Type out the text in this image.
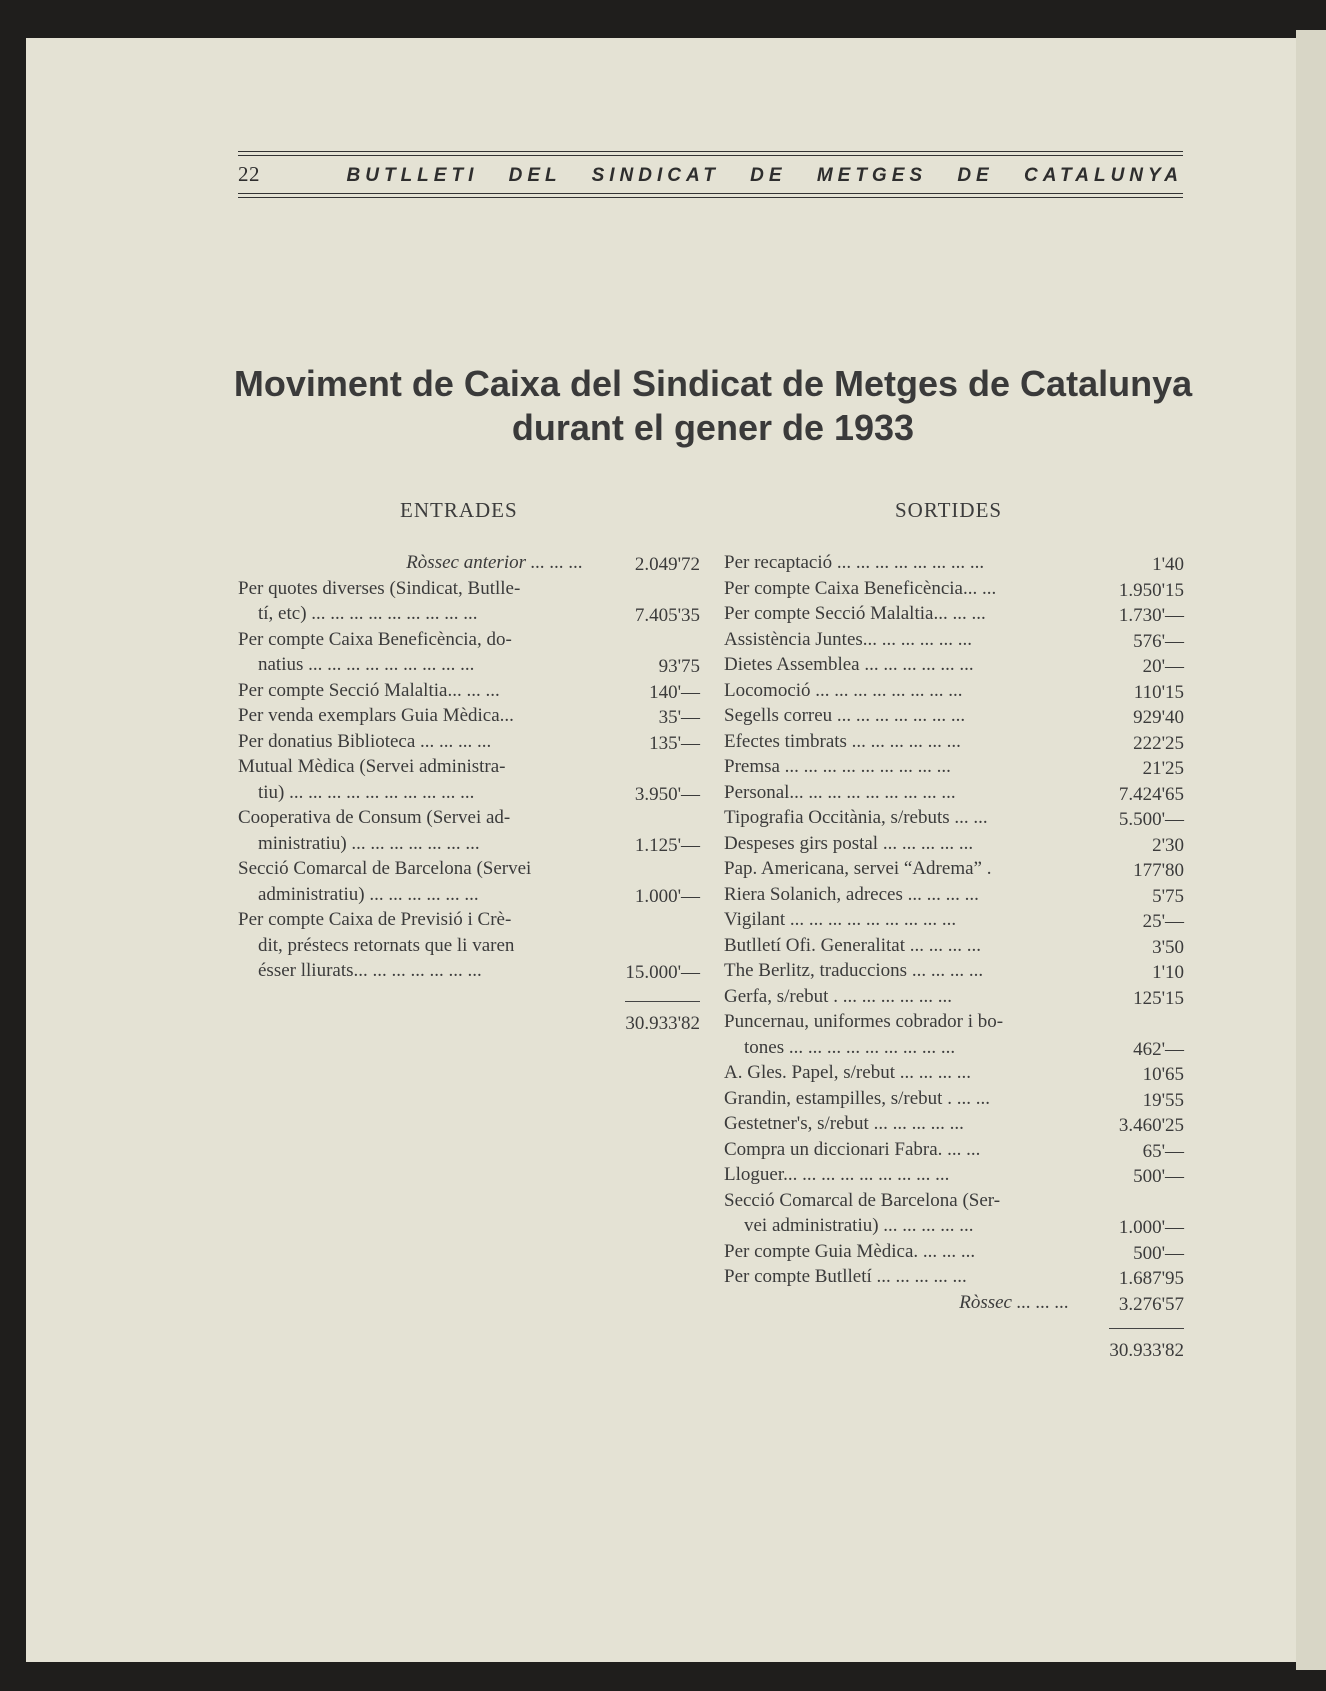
22	BUTLLETI DEL SINDICAT DE METGES DE CATALUNYA
Moviment de Caixa del Sindicat de Metges de Catalunya
durant el gener de 1933
ENTRADES	SORTIDES
Ròssec anterior ... ... ...	2.049'72
Per quotes diverses (Sindicat, Butlle-
tí, etc) ... ... ... ... ... ... ... ... ...	7.405'35
Per compte Caixa Beneficència, do-
natius ... ... ... ... ... ... ... ... ...	93'75
Per compte Secció Malaltia... ... ...	140'—
Per venda exemplars Guia Mèdica...	35'—
Per donatius Biblioteca ... ... ... ...	135'—
Mutual Mèdica (Servei administra-
tiu) ... ... ... ... ... ... ... ... ... ...	3.950'—
Cooperativa de Consum (Servei ad-
ministratiu) ... ... ... ... ... ... ...	1.125'—
Secció Comarcal de Barcelona (Servei
administratiu) ... ... ... ... ... ...	1.000'—
Per compte Caixa de Previsió i Crè-
dit, préstecs retornats que li varen
ésser lliurats... ... ... ... ... ... ...	15.000'—
Per recaptació ... ... ... ... ... ... ... ...	1'40
Per compte Caixa Beneficència... ...	1.950'15
Per compte Secció Malaltia... ... ...	1.730'—
Assistència Juntes... ... ... ... ... ...	576'—
Dietes Assemblea ... ... ... ... ... ...	20'—
Locomoció ... ... ... ... ... ... ... ...	110'15
Segells correu ... ... ... ... ... ... ...	929'40
Efectes timbrats ... ... ... ... ... ...	222'25
Premsa ... ... ... ... ... ... ... ... ...	21'25
Personal... ... ... ... ... ... ... ... ...	7.424'65
Tipografia Occitània, s/rebuts ... ...	5.500'—
Despeses girs postal ... ... ... ... ...	2'30
Pap. Americana, servei “Adrema” .	177'80
Riera Solanich, adreces ... ... ... ...	5'75
Vigilant ... ... ... ... ... ... ... ... ...	25'—
Butlletí Ofi. Generalitat ... ... ... ...	3'50
The Berlitz, traduccions ... ... ... ...	1'10
Gerfa, s/rebut . ... ... ... ... ... ...	125'15
Puncernau, uniformes cobrador i bo-
tones ... ... ... ... ... ... ... ... ...	462'—
A. Gles. Papel, s/rebut ... ... ... ...	10'65
Grandin, estampilles, s/rebut . ... ...	19'55
Gestetner's, s/rebut ... ... ... ... ...	3.460'25
Compra un diccionari Fabra. ... ...	65'—
Lloguer... ... ... ... ... ... ... ... ...	500'—
Secció Comarcal de Barcelona (Ser-
vei administratiu) ... ... ... ... ...	1.000'—
Per compte Guia Mèdica. ... ... ...	500'—
Per compte Butlletí ... ... ... ... ...	1.687'95
Ròssec ... ... ...	3.276'57
30.933'82
30.933'82
